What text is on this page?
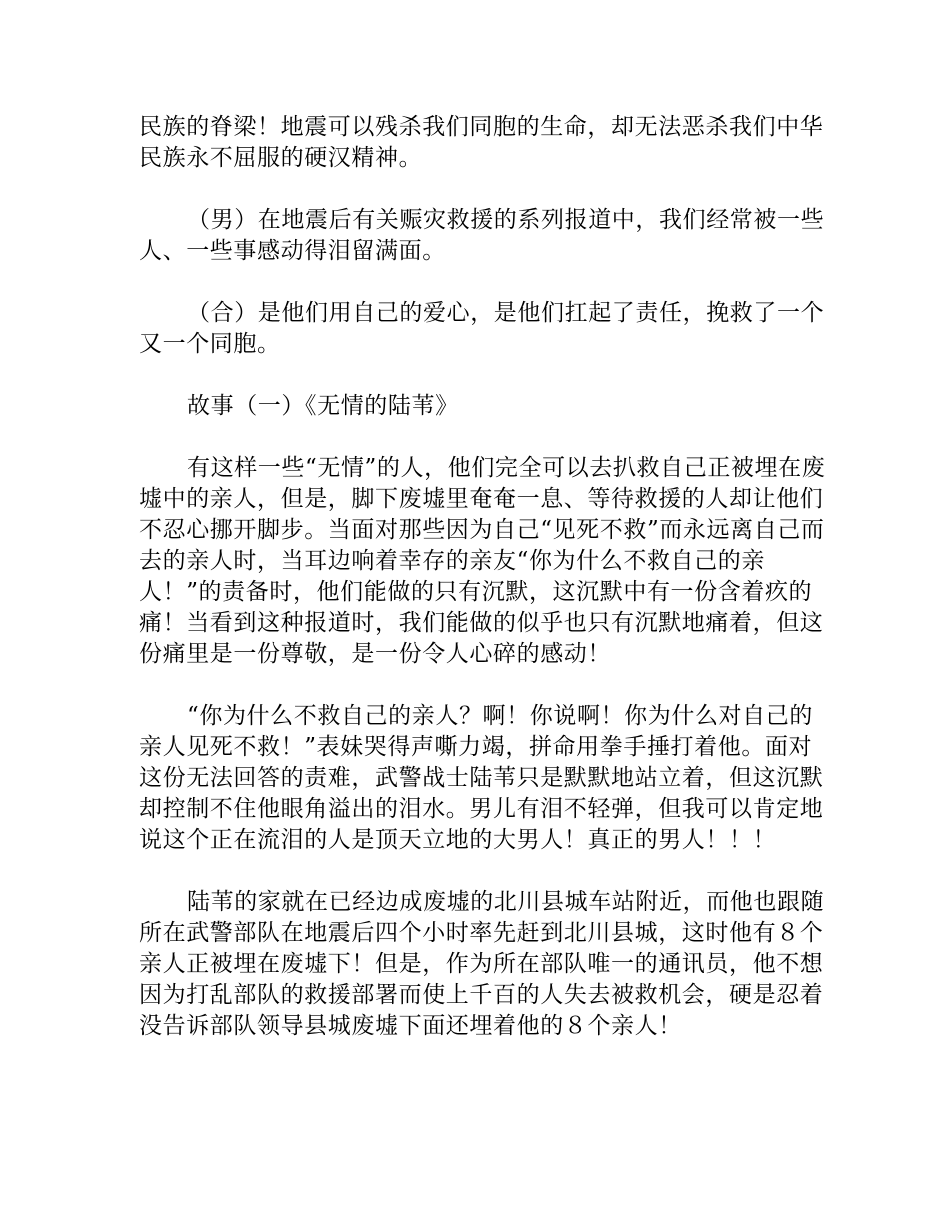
民族的脊梁！地震可以残杀我们同胞的生命，却无法恶杀我们中华民族永不屈服的硬汉精神。

（男）在地震后有关赈灾救援的系列报道中，我们经常被一些人、一些事感动得泪留满面。

（合）是他们用自己的爱心，是他们扛起了责任，挽救了一个又一个同胞。

故事（一）《无情的陆苇》

有这样一些“无情”的人，他们完全可以去扒救自己正被埋在废墟中的亲人，但是，脚下废墟里奄奄一息、等待救援的人却让他们不忍心挪开脚步。当面对那些因为自己“见死不救”而永远离自己而去的亲人时，当耳边响着幸存的亲友“你为什么不救自己的亲人！”的责备时，他们能做的只有沉默，这沉默中有一份含着疚的痛！当看到这种报道时，我们能做的似乎也只有沉默地痛着，但这份痛里是一份尊敬，是一份令人心碎的感动！

“你为什么不救自己的亲人？啊！你说啊！你为什么对自己的亲人见死不救！”表妹哭得声嘶力竭，拼命用拳手捶打着他。面对这份无法回答的责难，武警战士陆苇只是默默地站立着，但这沉默却控制不住他眼角溢出的泪水。男儿有泪不轻弹，但我可以肯定地说这个正在流泪的人是顶天立地的大男人！真正的男人！！！

陆苇的家就在已经边成废墟的北川县城车站附近，而他也跟随所在武警部队在地震后四个小时率先赶到北川县城，这时他有８个亲人正被埋在废墟下！但是，作为所在部队唯一的通讯员，他不想因为打乱部队的救援部署而使上千百的人失去被救机会，硬是忍着没告诉部队领导县城废墟下面还埋着他的８个亲人！
